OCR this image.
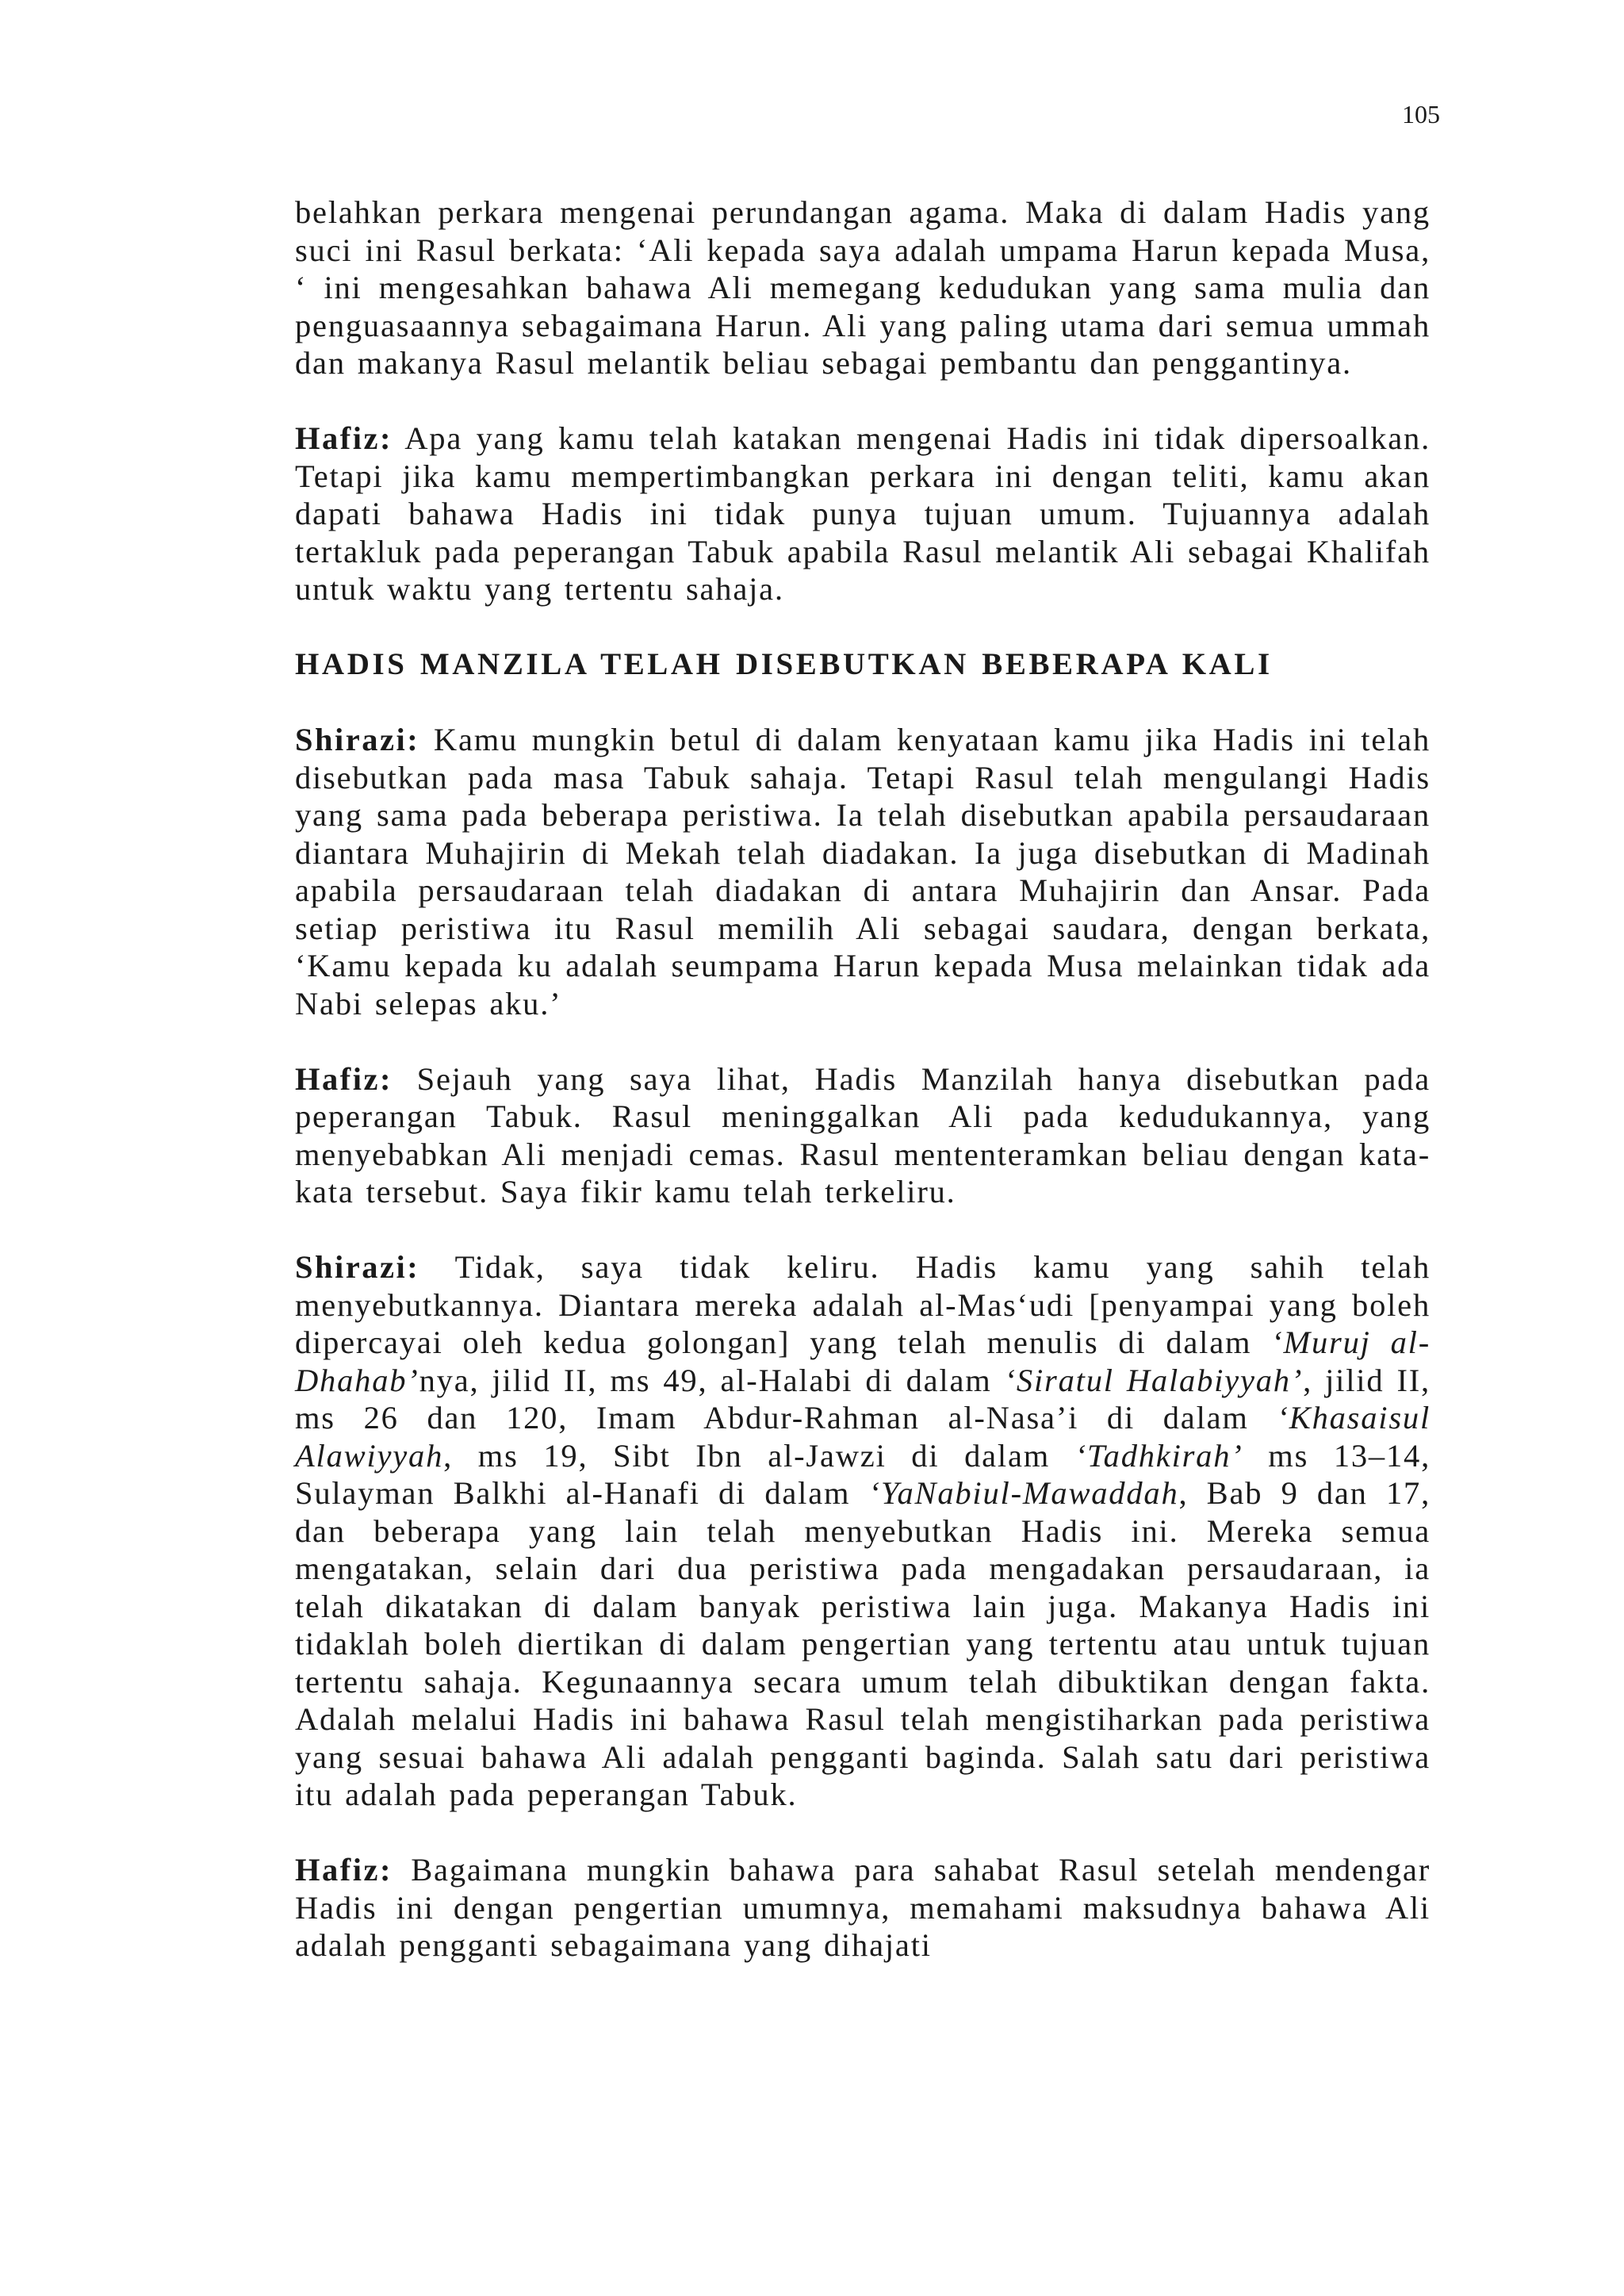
105

belahkan perkara mengenai perundangan agama. Maka di dalam Hadis yang suci ini Rasul berkata: ‘Ali kepada saya adalah umpama Harun kepada Musa, ‘ ini mengesahkan bahawa Ali memegang kedudukan yang sama mulia dan penguasaannya sebagaimana Harun. Ali yang paling utama dari semua ummah dan makanya Rasul melantik beliau sebagai pembantu dan penggantinya.

Hafiz: Apa yang kamu telah katakan mengenai Hadis ini tidak dipersoalkan. Tetapi jika kamu mempertimbangkan perkara ini dengan teliti, kamu akan dapati bahawa Hadis ini tidak punya tujuan umum. Tujuannya adalah tertakluk pada peperangan Tabuk apabila Rasul melantik Ali sebagai Khalifah untuk waktu yang tertentu sahaja.

HADIS MANZILA TELAH DISEBUTKAN BEBERAPA KALI

Shirazi: Kamu mungkin betul di dalam kenyataan kamu jika Hadis ini telah disebutkan pada masa Tabuk sahaja. Tetapi Rasul telah mengulangi Hadis yang sama pada beberapa peristiwa. Ia telah disebutkan apabila persaudaraan diantara Muhajirin di Mekah telah diadakan. Ia juga disebutkan di Madinah apabila persaudaraan telah diadakan di antara Muhajirin dan Ansar. Pada setiap peristiwa itu Rasul memilih Ali sebagai saudara, dengan berkata, ‘Kamu kepada ku adalah seumpama Harun kepada Musa melainkan tidak ada Nabi selepas aku.’

Hafiz: Sejauh yang saya lihat, Hadis Manzilah hanya disebutkan pada peperangan Tabuk. Rasul meninggalkan Ali pada kedudukannya, yang menyebabkan Ali menjadi cemas. Rasul mententeramkan beliau dengan kata-kata tersebut. Saya fikir kamu telah terkeliru.

Shirazi: Tidak, saya tidak keliru. Hadis kamu yang sahih telah menyebutkannya. Diantara mereka adalah al-Mas‘udi [penyampai yang boleh dipercayai oleh kedua golongan] yang telah menulis di dalam ‘Muruj al-Dhahab’nya, jilid II, ms 49, al-Halabi di dalam ‘Siratul Halabiyyah’, jilid II, ms 26 dan 120, Imam Abdur-Rahman al-Nasa’i di dalam ‘Khasaisul Alawiyyah, ms 19, Sibt Ibn al-Jawzi di dalam ‘Tadhkirah’ ms 13–14, Sulayman Balkhi al-Hanafi di dalam ‘YaNabiul-Mawaddah, Bab 9 dan 17, dan beberapa yang lain telah menyebutkan Hadis ini. Mereka semua mengatakan, selain dari dua peristiwa pada mengadakan persaudaraan, ia telah dikatakan di dalam banyak peristiwa lain juga. Makanya Hadis ini tidaklah boleh diertikan di dalam pengertian yang tertentu atau untuk tujuan tertentu sahaja. Kegunaannya secara umum telah dibuktikan dengan fakta. Adalah melalui Hadis ini bahawa Rasul telah mengistiharkan pada peristiwa yang sesuai bahawa Ali adalah pengganti baginda. Salah satu dari peristiwa itu adalah pada peperangan Tabuk.

Hafiz: Bagaimana mungkin bahawa para sahabat Rasul setelah mendengar Hadis ini dengan pengertian umumnya, memahami maksudnya bahawa Ali adalah pengganti sebagaimana yang dihajati
